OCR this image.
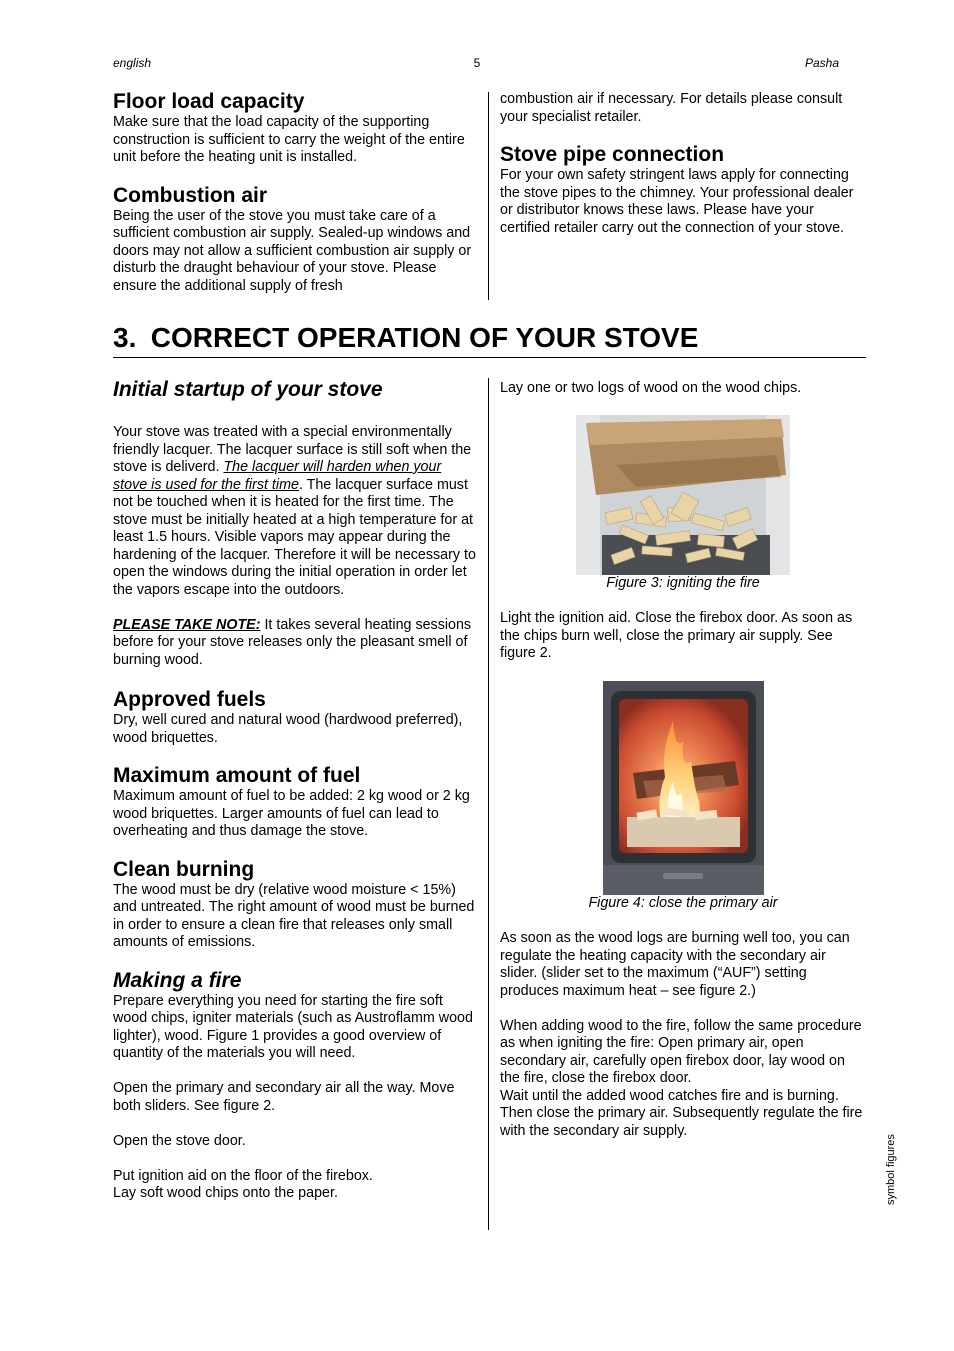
english	5	Pasha
Floor load capacity

Make sure that the load capacity of the supporting construction is sufficient to carry the weight of the entire unit before the heating unit is installed.

Combustion air

Being the user of the stove you must take care of a sufficient combustion air supply. Sealed-up windows and doors may not allow a sufficient combustion air supply or disturb the draught behaviour of your stove. Please ensure the additional supply of fresh

combustion air if necessary. For details please consult your specialist retailer.

Stove pipe connection

For your own safety stringent laws apply for connecting the stove pipes to the chimney. Your professional dealer or distributor knows these laws. Please have your certified retailer carry out the connection of your stove.

3. CORRECT OPERATION OF YOUR STOVE
Initial startup of your stove

Your stove was treated with a special environmentally friendly lacquer. The lacquer surface is still soft when the stove is deliverd. The lacquer will harden when your stove is used for the first time. The lacquer surface must not be touched when it is heated for the first time. The stove must be initially heated at a high temperature for at least 1.5 hours. Visible vapors may appear during the hardening of the lacquer. Therefore it will be necessary to open the windows during the initial operation in order let the vapors escape into the outdoors.

PLEASE TAKE NOTE: It takes several heating sessions before for your stove releases only the pleasant smell of burning wood.

Approved fuels

Dry, well cured and natural wood (hardwood preferred), wood briquettes.

Maximum amount of fuel

Maximum amount of fuel to be added: 2 kg wood or 2 kg wood briquettes. Larger amounts of fuel can lead to overheating and thus damage the stove.

Clean burning

The wood must be dry (relative wood moisture < 15%) and untreated. The right amount of wood must be burned in order to ensure a clean fire that releases only small amounts of emissions.

Making a fire

Prepare everything you need for starting the fire soft wood chips, igniter materials (such as Austroflamm wood lighter), wood. Figure 1 provides a good overview of quantity of the materials you will need.

Open the primary and secondary air all the way. Move both sliders. See figure 2.

Open the stove door.

Put ignition aid on the floor of the firebox.

Lay soft wood chips onto the paper.

Lay one or two logs of wood on the wood chips.

Figure 3: igniting the fire

Light the ignition aid. Close the firebox door. As soon as the chips burn well, close the primary air supply. See figure 2.

Figure 4: close the primary air

As soon as the wood logs are burning well too, you can regulate the heating capacity with the secondary air slider. (slider set to the maximum (“AUF”) setting produces maximum heat – see figure 2.)

When adding wood to the fire, follow the same procedure as when igniting the fire: Open primary air, open secondary air, carefully open firebox door, lay wood on the fire, close the firebox door.

Wait until the added wood catches fire and is burning. Then close the primary air. Subsequently regulate the fire with the secondary air supply.

symbol figures
